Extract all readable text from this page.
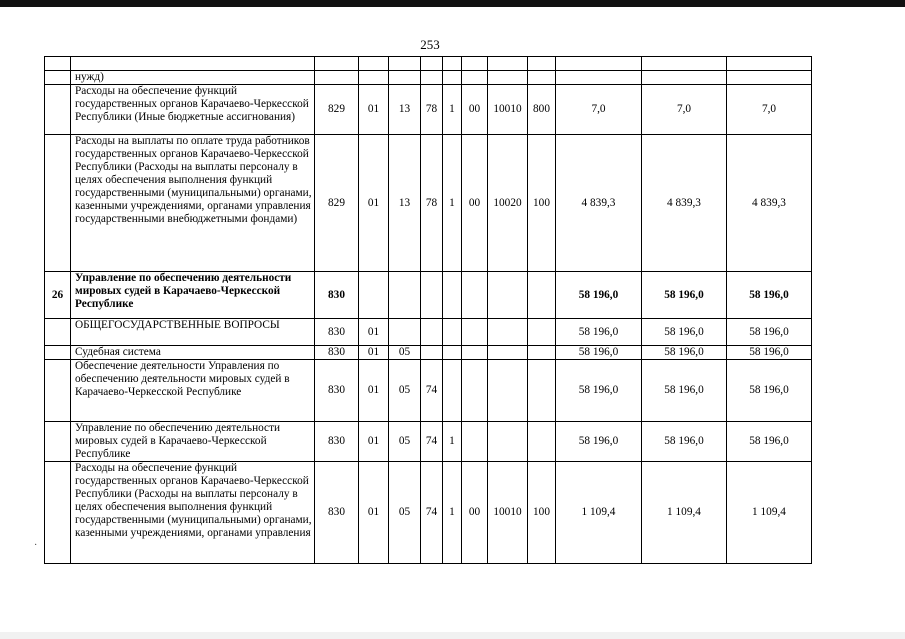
253

	нужд)											
	Расходы на обеспечение функций государственных органов Карачаево-Черкесской Республики (Иные бюджетные ассигнования)	829	01	13	78	1	00	10010	800	7,0	7,0	7,0
	Расходы на выплаты по оплате труда работников государственных органов Карачаево-Черкесской Республики (Расходы на выплаты персоналу в целях обеспечения выполнения функций государственными (муниципальными) органами, казенными учреждениями, органами управления государственными внебюджетными фондами)	829	01	13	78	1	00	10020	100	4 839,3	4 839,3	4 839,3
26	Управление по обеспечению деятельности мировых судей в Карачаево-Черкесской Республике	830								58 196,0	58 196,0	58 196,0
	ОБЩЕГОСУДАРСТВЕННЫЕ ВОПРОСЫ	830	01							58 196,0	58 196,0	58 196,0
	Судебная система	830	01	05						58 196,0	58 196,0	58 196,0
	Обеспечение деятельности Управления по обеспечению деятельности мировых судей в Карачаево-Черкесской Республике	830	01	05	74					58 196,0	58 196,0	58 196,0
	Управление по обеспечению деятельности мировых судей в Карачаево-Черкесской Республике	830	01	05	74	1				58 196,0	58 196,0	58 196,0
	Расходы на обеспечение функций государственных органов Карачаево-Черкесской Республики (Расходы на выплаты персоналу в целях обеспечения выполнения функций государственными (муниципальными) органами, казенными учреждениями, органами управления	830	01	05	74	1	00	10010	100	1 109,4	1 109,4	1 109,4
·
